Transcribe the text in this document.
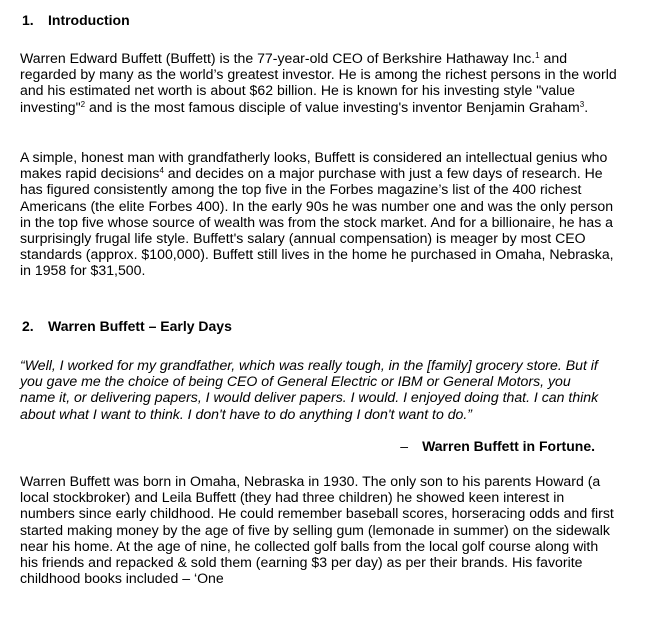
1. Introduction

Warren Edward Buffett (Buffett) is the 77-year-old CEO of Berkshire Hathaway Inc.$^1$ and regarded by many as the world’s greatest investor. He is among the richest persons in the world and his estimated net worth is about $62 billion. He is known for his investing style "value investing"$^2$ and is the most famous disciple of value investing's inventor Benjamin Graham$^3$.

A simple, honest man with grandfatherly looks, Buffett is considered an intellectual genius who makes rapid decisions$^4$ and decides on a major purchase with just a few days of research. He has figured consistently among the top five in the Forbes magazine’s list of the 400 richest Americans (the elite Forbes 400). In the early 90s he was number one and was the only person in the top five whose source of wealth was from the stock market. And for a billionaire, he has a surprisingly frugal life style. Buffett's salary (annual compensation) is meager by most CEO standards (approx. $100,000). Buffett still lives in the home he purchased in Omaha, Nebraska, in 1958 for $31,500.

2. Warren Buffett – Early Days

“Well, I worked for my grandfather, which was really tough, in the [family] grocery store. But if you gave me the choice of being CEO of General Electric or IBM or General Motors, you name it, or delivering papers, I would deliver papers. I would. I enjoyed doing that. I can think about what I want to think. I don't have to do anything I don't want to do.”

– Warren Buffett in Fortune.

Warren Buffett was born in Omaha, Nebraska in 1930. The only son to his parents Howard (a local stockbroker) and Leila Buffett (they had three children) he showed keen interest in numbers since early childhood. He could remember baseball scores, horseracing odds and first started making money by the age of five by selling gum (lemonade in summer) on the sidewalk near his home. At the age of nine, he collected golf balls from the local golf course along with his friends and repacked & sold them (earning $3 per day) as per their brands. His favorite childhood books included – ‘One
